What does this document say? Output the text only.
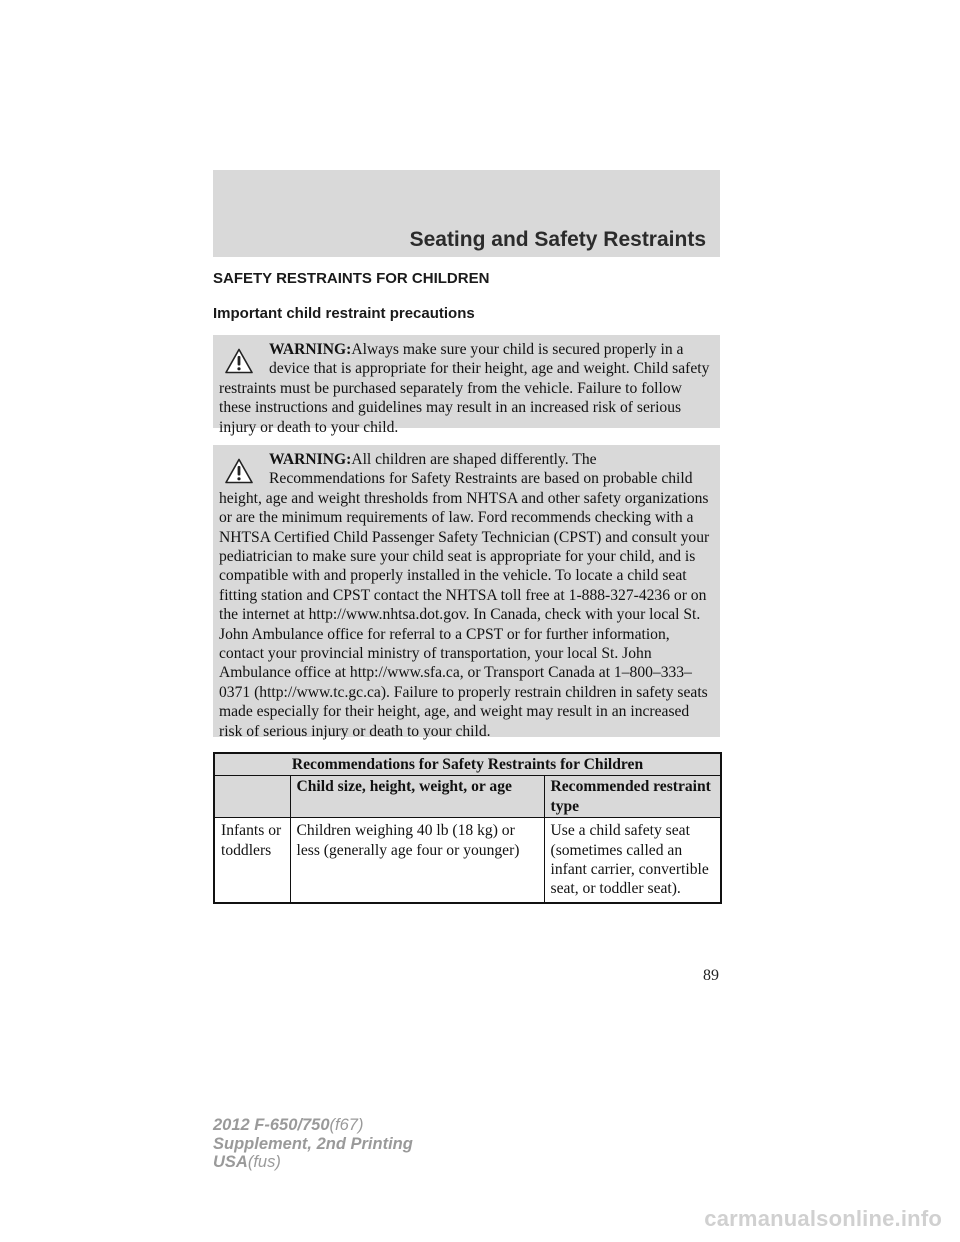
Seating and Safety Restraints
SAFETY RESTRAINTS FOR CHILDREN
Important child restraint precautions

WARNING:Always make sure your child is secured properly in a device that is appropriate for their height, age and weight. Child safety restraints must be purchased separately from the vehicle. Failure to follow these instructions and guidelines may result in an increased risk of serious injury or death to your child.

WARNING:All children are shaped differently. The Recommendations for Safety Restraints are based on probable child height, age and weight thresholds from NHTSA and other safety organizations or are the minimum requirements of law. Ford recommends checking with a NHTSA Certified Child Passenger Safety Technician (CPST) and consult your pediatrician to make sure your child seat is appropriate for your child, and is compatible with and properly installed in the vehicle. To locate a child seat fitting station and CPST contact the NHTSA toll free at 1-888-327-4236 or on the internet at http://www.nhtsa.dot.gov. In Canada, check with your local St. John Ambulance office for referral to a CPST or for further information, contact your provincial ministry of transportation, your local St. John Ambulance office at http://www.sfa.ca, or Transport Canada at 1–800–333–0371 (http://www.tc.gc.ca). Failure to properly restrain children in safety seats made especially for their height, age, and weight may result in an increased risk of serious injury or death to your child.

Recommendations for Safety Restraints for Children		
	Child size, height, weight, or age	Recommended restraint type
Infants or toddlers	Children weighing 40 lb (18 kg) or less (generally age four or younger)	Use a child safety seat (sometimes called an infant carrier, convertible seat, or toddler seat).

89

2012 F-650/750(f67)
Supplement, 2nd Printing
USA(fus)

carmanualsonline.info
